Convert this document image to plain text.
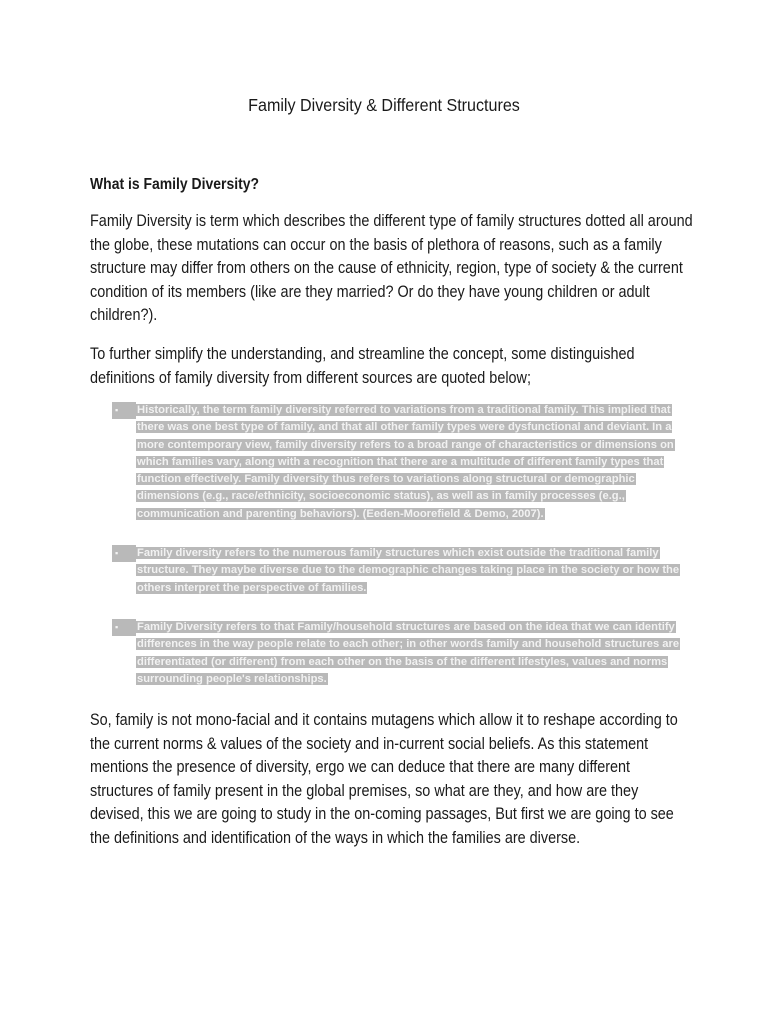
Family Diversity & Different Structures
What is Family Diversity?

Family Diversity is term which describes the different type of family structures dotted all around the globe, these mutations can occur on the basis of plethora of reasons, such as a family structure may differ from others on the cause of ethnicity, region, type of society & the current condition of its members (like are they married? Or do they have young children or adult children?).

To further simplify the understanding, and streamline the concept, some distinguished definitions of family diversity from different sources are quoted below;

▪	Historically, the term family diversity referred to variations from a traditional family. This implied that there was one best type of family, and that all other family types were dysfunctional and deviant. In a more contemporary view, family diversity refers to a broad range of characteristics or dimensions on which families vary, along with a recognition that there are a multitude of different family types that function effectively. Family diversity thus refers to variations along structural or demographic dimensions (e.g., race/ethnicity, socioeconomic status), as well as in family processes (e.g., communication and parenting behaviors). (Eeden-Moorefield & Demo, 2007).
▪	Family diversity refers to the numerous family structures which exist outside the traditional family structure. They maybe diverse due to the demographic changes taking place in the society or how the others interpret the perspective of families.
▪	Family Diversity refers to that Family/household structures are based on the idea that we can identify differences in the way people relate to each other; in other words family and household structures are differentiated (or different) from each other on the basis of the different lifestyles, values and norms surrounding people's relationships.

So, family is not mono-facial and it contains mutagens which allow it to reshape according to the current norms & values of the society and in-current social beliefs. As this statement mentions the presence of diversity, ergo we can deduce that there are many different structures of family present in the global premises, so what are they, and how are they devised, this we are going to study in the on-coming passages, But first we are going to see the definitions and identification of the ways in which the families are diverse.
